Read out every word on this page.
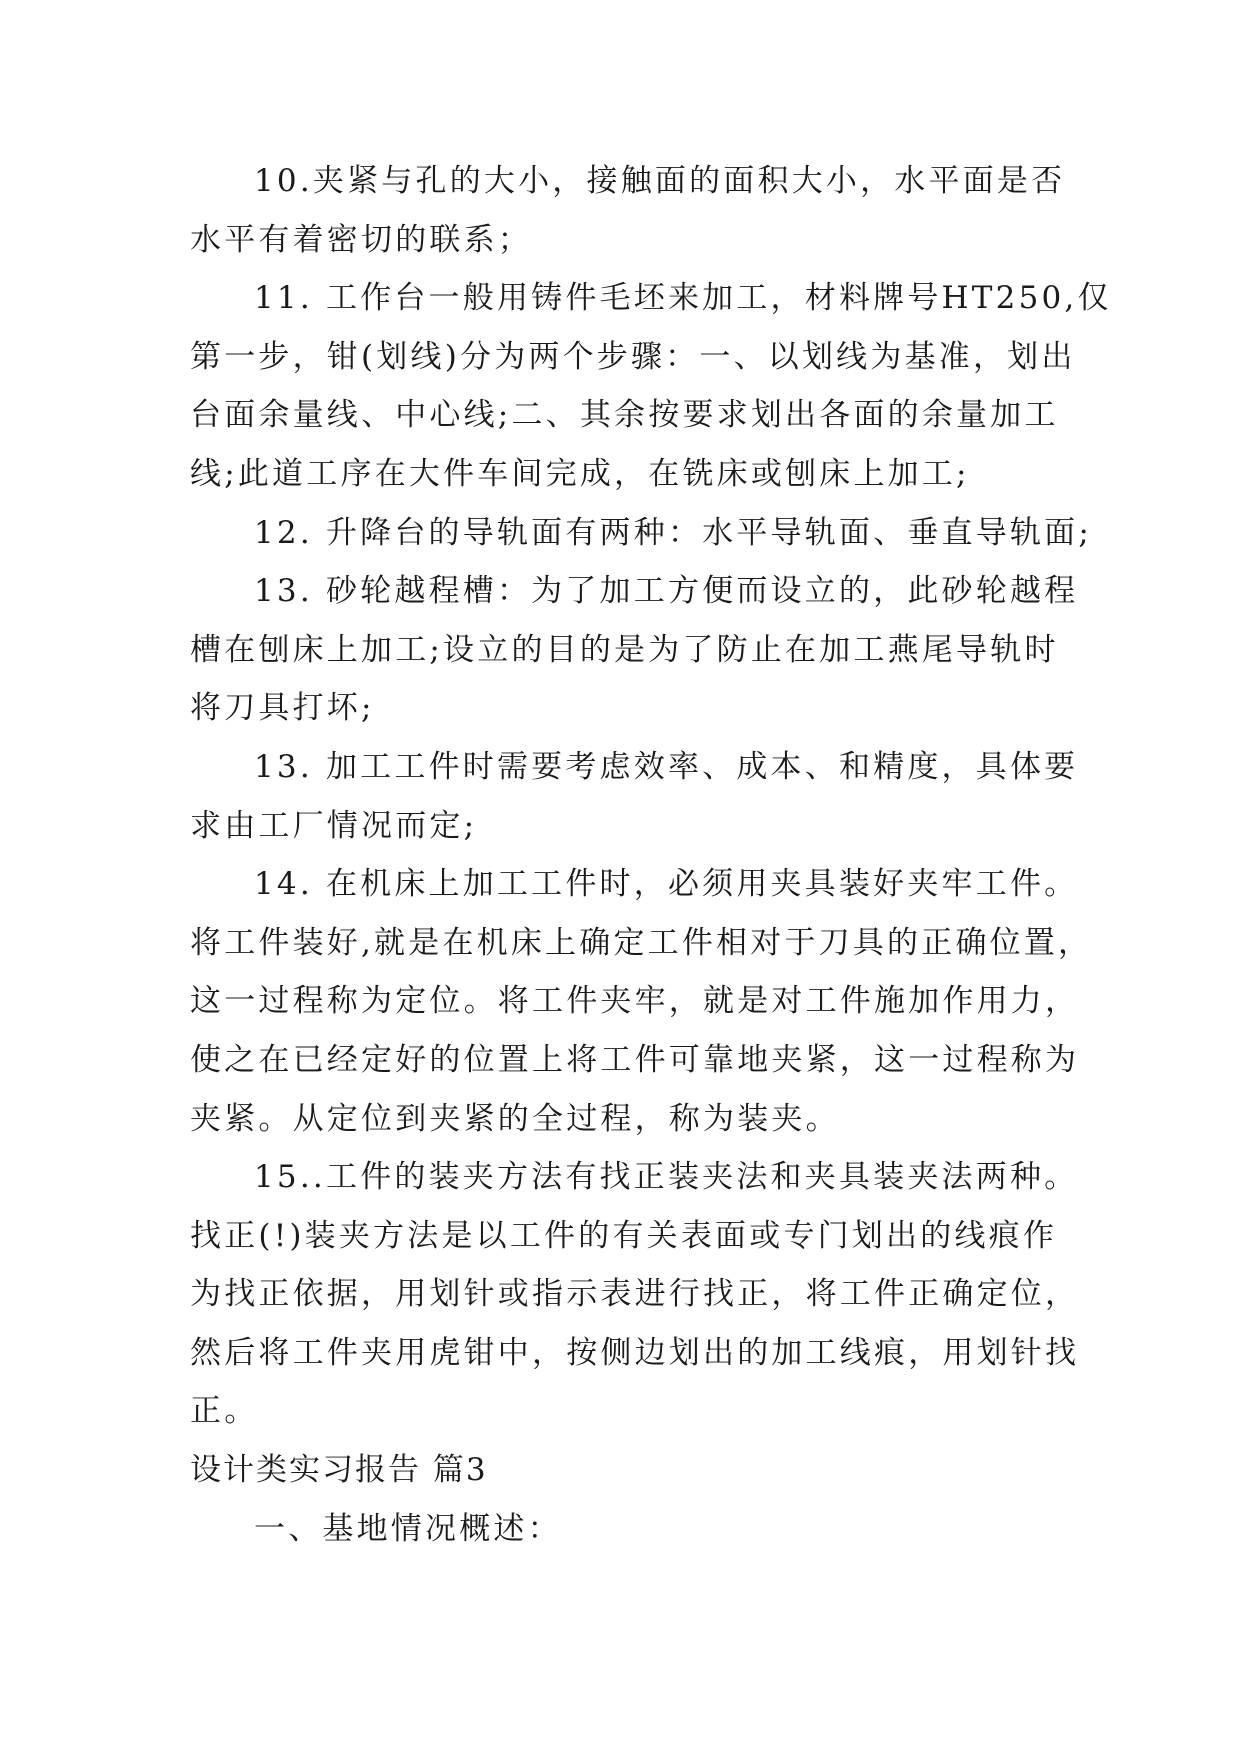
10.夹紧与孔的大小，接触面的面积大小，水平面是否
水平有着密切的联系；
11. 工作台一般用铸件毛坯来加工，材料牌号HT250,仅
第一步，钳(划线)分为两个步骤：一、以划线为基准，划出
台面余量线、中心线;二、其余按要求划出各面的余量加工
线;此道工序在大件车间完成，在铣床或刨床上加工;
12. 升降台的导轨面有两种：水平导轨面、垂直导轨面;
13. 砂轮越程槽：为了加工方便而设立的，此砂轮越程
槽在刨床上加工;设立的目的是为了防止在加工燕尾导轨时
将刀具打坏;
13. 加工工件时需要考虑效率、成本、和精度，具体要
求由工厂情况而定;
14. 在机床上加工工件时，必须用夹具装好夹牢工件。
将工件装好,就是在机床上确定工件相对于刀具的正确位置，
这一过程称为定位。将工件夹牢，就是对工件施加作用力，
使之在已经定好的位置上将工件可靠地夹紧，这一过程称为
夹紧。从定位到夹紧的全过程，称为装夹。
15..工件的装夹方法有找正装夹法和夹具装夹法两种。
找正(!)装夹方法是以工件的有关表面或专门划出的线痕作
为找正依据，用划针或指示表进行找正，将工件正确定位，
然后将工件夹用虎钳中，按侧边划出的加工线痕，用划针找
正。
设计类实习报告 篇3
一、基地情况概述：
